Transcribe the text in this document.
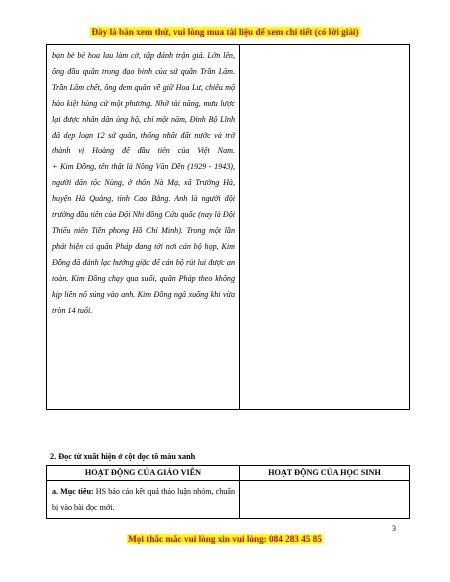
Đây là bản xem thử, vui lòng mua tài liệu để xem chi tiết (có lời giải)

bạn bè bẻ hoa lau làm cờ, tập đánh trận giả. Lớn lên, ông đầu quân trong đạo binh của sứ quân Trần Lãm. Trần Lãm chết, ông đem quân về giữ Hoa Lư, chiêu mộ hào kiệt hùng cứ một phương. Nhờ tài năng, mưu lược lại được nhân dân ủng hộ, chỉ một năm, Đinh Bộ Lĩnh đã dẹp loạn 12 sứ quân, thống nhất đất nước và trở thành vị Hoàng đế đầu tiên của Việt Nam.

+ Kim Đồng, tên thật là Nông Văn Dền (1929 - 1943), người dân tộc Nùng, ở thôn Nà Mạ, xã Trường Hà, huyện Hà Quảng, tỉnh Cao Bằng. Anh là người đội trưởng đầu tiên của Đội Nhi đồng Cứu quốc (nay là Đội Thiếu niên Tiền phong Hồ Chí Minh). Trong một lần phát hiện có quân Pháp đang tới nơi cán bộ họp, Kim Đồng đã đánh lạc hướng giặc để cán bộ rút lui được an toàn. Kim Đồng chạy qua suối, quân Pháp theo không kịp liền nổ súng vào anh. Kim Đồng ngã xuống khi vừa tròn 14 tuổi.

2. Đọc từ xuất hiện ở cột dọc tô màu xanh
HOẠT ĐỘNG CỦA GIÁO VIÊN	HOẠT ĐỘNG CỦA HỌC SINH

a. Mục tiêu: HS báo cáo kết quả thảo luận nhóm, chuẩn bị vào bài đọc mới.	

3
Mọi thắc mắc vui lòng xin vui lòng: 084 283 45 85
